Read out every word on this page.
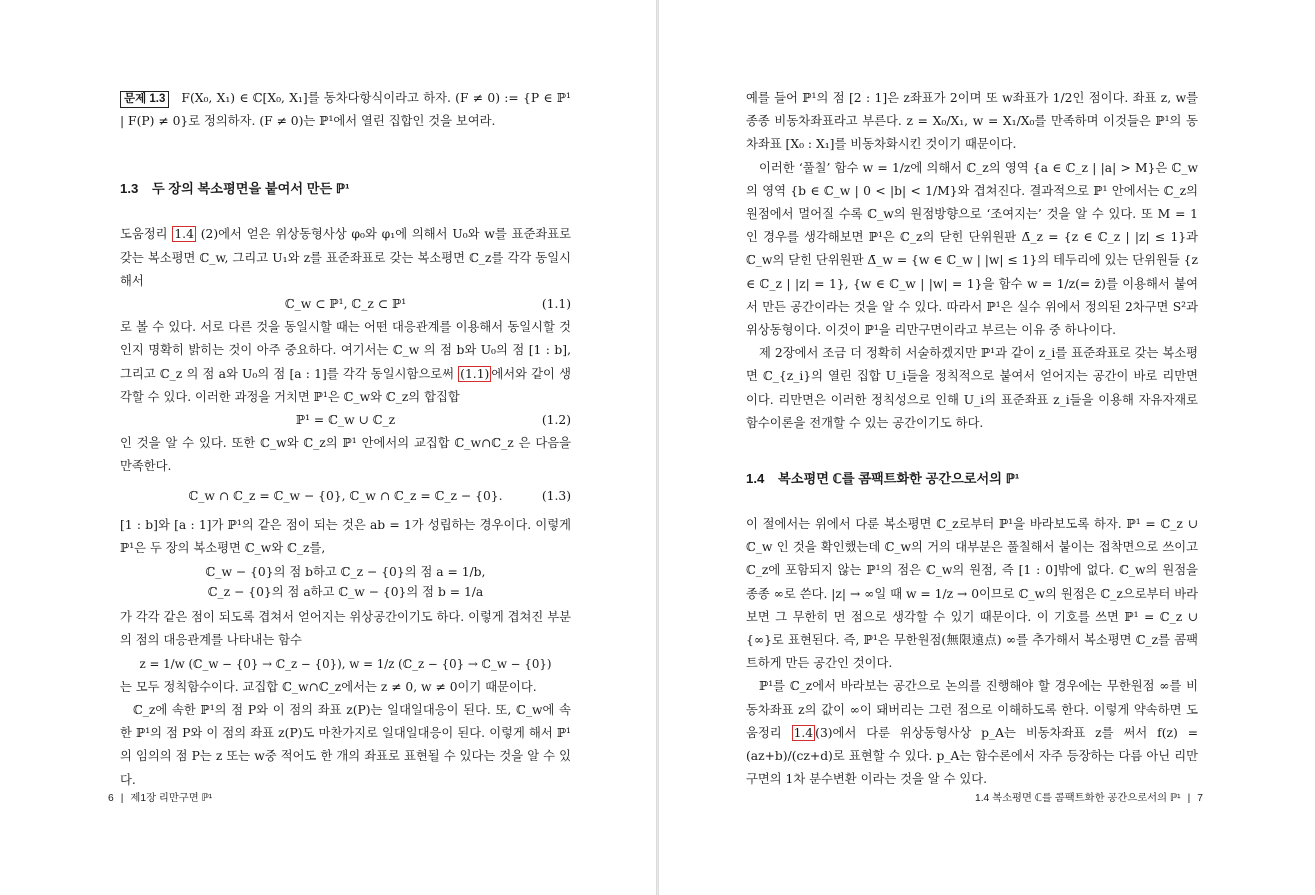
문제 1.3 F(X₀, X₁) ∈ ℂ[X₀, X₁]를 동차다항식이라고 하자. (F ≠ 0) := {P ∈ ℙ¹ | F(P) ≠ 0}로 정의하자. (F ≠ 0)는 ℙ¹에서 열린 집합인 것을 보여라.

1.3 두 장의 복소평면을 붙여서 만든 ℙ¹

도움정리 1.4 (2)에서 얻은 위상동형사상 φ₀와 φ₁에 의해서 U₀와 w를 표준좌표로 갖는 복소평면 ℂ_w, 그리고 U₁와 z를 표준좌표로 갖는 복소평면 ℂ_z를 각각 동일시해서

ℂ_w ⊂ ℙ¹, ℂ_z ⊂ ℙ¹	(1.1)

로 볼 수 있다. 서로 다른 것을 동일시할 때는 어떤 대응관계를 이용해서 동일시할 것인지 명확히 밝히는 것이 아주 중요하다. 여기서는 ℂ_w 의 점 b와 U₀의 점 [1 : b], 그리고 ℂ_z 의 점 a와 U₀의 점 [a : 1]를 각각 동일시함으로써 (1.1) 에서와 같이 생각할 수 있다. 이러한 과정을 거치면 ℙ¹은 ℂ_w와 ℂ_z의 합집합

ℙ¹ = ℂ_w ∪ ℂ_z	(1.2)

인 것을 알 수 있다. 또한 ℂ_w와 ℂ_z의 ℙ¹ 안에서의 교집합 ℂ_w∩ℂ_z 은 다음을 만족한다.

ℂ_w ∩ ℂ_z = ℂ_w − {0}, ℂ_w ∩ ℂ_z = ℂ_z − {0}.	(1.3)

[1 : b]와 [a : 1]가 ℙ¹의 같은 점이 되는 것은 ab = 1가 성립하는 경우이다. 이렇게 ℙ¹은 두 장의 복소평면 ℂ_w와 ℂ_z를,

ℂ_w − {0}의 점 b하고 ℂ_z − {0}의 점 a = 1/b,
ℂ_z − {0}의 점 a하고 ℂ_w − {0}의 점 b = 1/a

가 각각 같은 점이 되도록 겹쳐서 얻어지는 위상공간이기도 하다. 이렇게 겹쳐진 부분의 점의 대응관계를 나타내는 함수

z = 1/w (ℂ_w − {0} → ℂ_z − {0}), w = 1/z (ℂ_z − {0} → ℂ_w − {0})

는 모두 정칙함수이다. 교집합 ℂ_w∩ℂ_z에서는 z ≠ 0, w ≠ 0이기 때문이다.

ℂ_z에 속한 ℙ¹의 점 P와 이 점의 좌표 z(P)는 일대일대응이 된다. 또, ℂ_w에 속한 ℙ¹의 점 P와 이 점의 좌표 z(P)도 마찬가지로 일대일대응이 된다. 이렇게 해서 ℙ¹의 임의의 점 P는 z 또는 w중 적어도 한 개의 좌표로 표현될 수 있다는 것을 알 수 있다.

6 | 제1장 리만구면 ℙ¹

예를 들어 ℙ¹의 점 [2 : 1]은 z좌표가 2이며 또 w좌표가 1/2인 점이다. 좌표 z, w를 종종 비동차좌표라고 부른다. z = X₀/X₁, w = X₁/X₀를 만족하며 이것들은 ℙ¹의 동차좌표 [X₀ : X₁]를 비동차화시킨 것이기 때문이다.

이러한 ‘풀칠’ 함수 w = 1/z에 의해서 ℂ_z의 영역 {a ∈ ℂ_z | |a| > M}은 ℂ_w의 영역 {b ∈ ℂ_w | 0 < |b| < 1/M}와 겹쳐진다. 결과적으로 ℙ¹ 안에서는 ℂ_z의 원점에서 멀어질 수록 ℂ_w의 원점방향으로 ‘조여지는’ 것을 알 수 있다. 또 M = 1인 경우를 생각해보면 ℙ¹은 ℂ_z의 닫힌 단위원판 Δ̄_z = {z ∈ ℂ_z | |z| ≤ 1}과 ℂ_w의 닫힌 단위원판 Δ̄_w = {w ∈ ℂ_w | |w| ≤ 1}의 테두리에 있는 단위원들 {z ∈ ℂ_z | |z| = 1}, {w ∈ ℂ_w | |w| = 1}을 함수 w = 1/z(= z̄)를 이용해서 붙여서 만든 공간이라는 것을 알 수 있다. 따라서 ℙ¹은 실수 위에서 정의된 2차구면 S²과 위상동형이다. 이것이 ℙ¹을 리만구면이라고 부르는 이유 중 하나이다.

제 2장에서 조금 더 정확히 서술하겠지만 ℙ¹과 같이 z_i를 표준좌표로 갖는 복소평면 ℂ_{z_i}의 열린 집합 U_i들을 정칙적으로 붙여서 얻어지는 공간이 바로 리만면이다. 리만면은 이러한 정칙성으로 인해 U_i의 표준좌표 z_i들을 이용해 자유자재로 함수이론을 전개할 수 있는 공간이기도 하다.

1.4 복소평면 ℂ를 콤팩트화한 공간으로서의 ℙ¹

이 절에서는 위에서 다룬 복소평면 ℂ_z로부터 ℙ¹을 바라보도록 하자. ℙ¹ = ℂ_z ∪ ℂ_w 인 것을 확인했는데 ℂ_w의 거의 대부분은 풀칠해서 붙이는 접착면으로 쓰이고 ℂ_z에 포함되지 않는 ℙ¹의 점은 ℂ_w의 원점, 즉 [1 : 0]밖에 없다. ℂ_w의 원점을 종종 ∞로 쓴다. |z| → ∞일 때 w = 1/z → 0이므로 ℂ_w의 원점은 ℂ_z으로부터 바라보면 그 무한히 먼 점으로 생각할 수 있기 때문이다. 이 기호를 쓰면 ℙ¹ = ℂ_z ∪ {∞}로 표현된다. 즉, ℙ¹은 무한원점(無限遠点) ∞를 추가해서 복소평면 ℂ_z를 콤팩트하게 만든 공간인 것이다.

ℙ¹를 ℂ_z에서 바라보는 공간으로 논의를 진행해야 할 경우에는 무한원점 ∞를 비동차좌표 z의 값이 ∞이 돼버리는 그런 점으로 이해하도록 한다. 이렇게 약속하면 도움정리 1.4 (3)에서 다룬 위상동형사상 p_A는 비동차좌표 z를 써서 f(z) = (az+b)/(cz+d)로 표현할 수 있다. p_A는 함수론에서 자주 등장하는 다름 아닌 리만구면의 1차 분수변환 이라는 것을 알 수 있다.

1.4 복소평면 ℂ를 콤팩트화한 공간으로서의 ℙ¹ | 7
